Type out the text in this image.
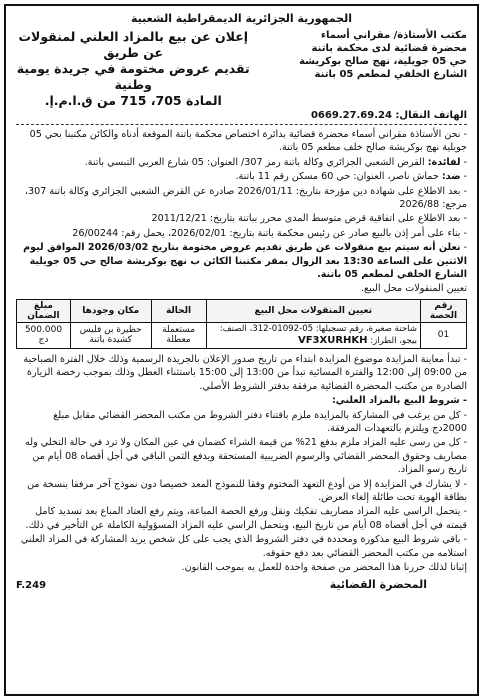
الجمهورية الجزائرية الديمقراطية الشعبية
مكتب الأستاذة/ مقراني أسماء
محضرة قضائية لدى محكمة باتنة
حي 05 جويلية، نهج صالح بوكريشة
الشارع الخلفي لمطعم 05 باتنة
إعلان عن بيع بالمزاد العلني لمنقولات عن طريق
تقديم عروض مختومة في جريدة يومية وطنية
المادة 705، 715 من ق.ا.م.إ.
الهاتف النقال: 0669.27.69.24
- نحن الأستاذة مقراني أسماء محضرة قضائية بدائرة اختصاص محكمة باتنة الموقعة أدناه والكائن مكتبنا بحي 05 جويلية نهج بوكريشة صالح خلف مطعم 05 باتنة.
- لفائدة: القرض الشعبي الجزائري وكالة باتنة رمز 307/ العنوان: 05 شارع العربي التبسي باتنة.
- ضد: حماش ناصر، العنوان: حي 60 مسكن رقم 11 باتنة.
- بعد الاطلاع على شهادة دين مؤرخة بتاريخ: 2026/01/11 صادرة عن القرض الشعبي الجزائري وكالة باتنة 307، مرجع: 2026/88
- بعد الاطلاع على اتفاقية قرض متوسط المدى محرر بباتنة بتاريخ: 2011/12/21
- بناء على أمر إذن بالبيع صادر عن رئيس محكمة باتنة بتاريخ: 2026/02/01، يحمل رقم: 26/00244
- نعلن أنه سيتم بيع منقولات عن طريق تقديم عروض مختومة بتاريخ 2026/03/02 الموافق ليوم الاثنين على الساعة 13:30 بعد الزوال بمقر مكتبنا الكائن ب نهج بوكريشة صالح حي 05 جويلية الشارع الخلفي لمطعم 05 باتنة.
تعيين المنقولات محل البيع.
رقم الحصة	تعيين المنقولات محل البيع	الحالة	مكان وجودها	مبلغ الضمان
01	شاحنة صغيرة، رقم تسجيلها: 05-01092-312، الصنف: بيجو، الطراز: VF3XURHKH	مستعملة معطلة	حظيرة بن فليس كشيدة باتنة	500.000 دج
- تبدأ معاينة المزايدة موضوع المزايدة ابتداء من تاريخ صدور الإعلان بالجريدة الرسمية وذلك خلال الفترة الصباحية من 09:00 إلى 12:00 والفترة المسائية تبدأ من 13:00 إلى 15:00 باستثناء العطل وذلك بموجب رخصة الزيارة الصادرة من مكتب المحضرة القضائية مرفقة بدفتر الشروط الأصلي.
- شروط البيع بالمزاد العلني:
- كل من يرغب في المشاركة بالمزايدة ملزم باقتناء دفتر الشروط من مكتب المحضر القضائي مقابل مبلغ 2000دج ويلتزم بالتعهدات المرفقة.
- كل من رسى عليه المزاد ملزم بدفع 21% من قيمة الشراء كضمان في عين المكان ولا ترد في حالة التخلي وله مصاريف وحقوق المحضر القضائي والرسوم الضريبية المستحقة ويدفع الثمن الباقي في أجل أقصاه 08 أيام من تاريخ رسو المزاد.
- لا يشارك في المزايدة إلا من أودع التعهد المختوم وفقا للنموذج المعد خصيصا دون نموذج آخر مرفقا بنسخة من بطاقة الهوية تحت طائلة إلغاء العرض.
- يتحمل الراسي عليه المزاد مصاريف تفكيك ونقل ورفع الحصة المباعة، ويتم رفع العتاد المباع بعد تسديد كامل قيمته في أجل أقصاه 08 أيام من تاريخ البيع، ويتحمل الراسي عليه المزاد المسؤولية الكاملة عن التأخير في ذلك.
- باقي شروط البيع مذكورة ومحددة في دفتر الشروط الذي يجب على كل شخص يريد المشاركة في المزاد العلني استلامه من مكتب المحضر القضائي بعد دفع حقوقه.
إثباتا لذلك حررنا هذا المحضر من صفحة واحدة للعمل به بموجب القانون.
المحضرة القضائية
F.249
